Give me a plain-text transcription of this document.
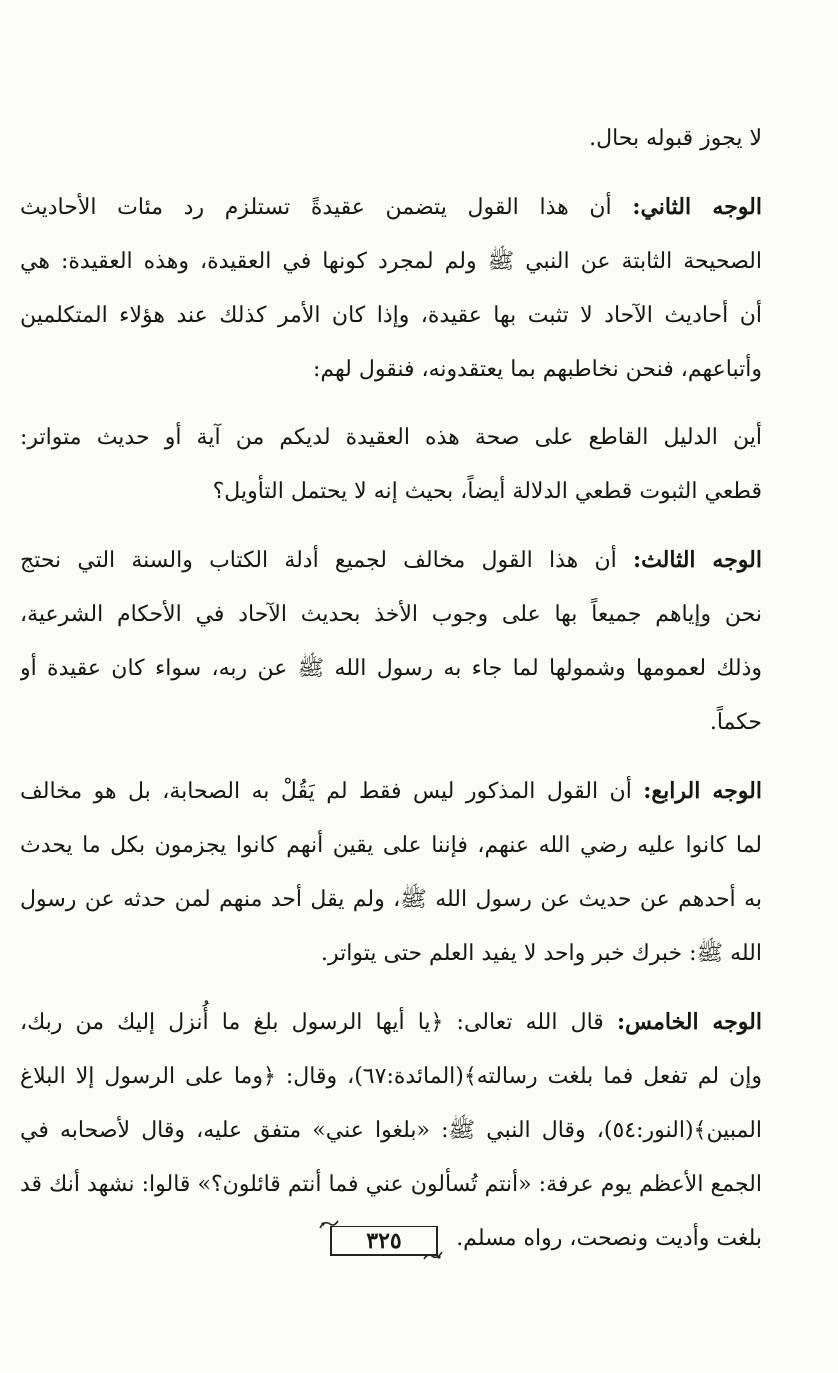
لا يجوز قبوله بحال.

الوجه الثاني: أن هذا القول يتضمن عقيدةً تستلزم رد مئات الأحاديث
الصحيحة الثابتة عن النبي ﷺ ولم لمجرد كونها في العقيدة، وهذه العقيدة: هي
أن أحاديث الآحاد لا تثبت بها عقيدة، وإذا كان الأمر كذلك عند هؤلاء المتكلمين
وأتباعهم، فنحن نخاطبهم بما يعتقدونه، فنقول لهم:

أين الدليل القاطع على صحة هذه العقيدة لديكم من آية أو حديث متواتر:
قطعي الثبوت قطعي الدلالة أيضاً، بحيث إنه لا يحتمل التأويل؟

الوجه الثالث: أن هذا القول مخالف لجميع أدلة الكتاب والسنة التي نحتج
نحن وإياهم جميعاً بها على وجوب الأخذ بحديث الآحاد في الأحكام الشرعية،
وذلك لعمومها وشمولها لما جاء به رسول الله ﷺ عن ربه، سواء كان عقيدة أو
حكماً.

الوجه الرابع: أن القول المذكور ليس فقط لم يَقُلْ به الصحابة، بل هو مخالف
لما كانوا عليه رضي الله عنهم، فإننا على يقين أنهم كانوا يجزمون بكل ما يحدث
به أحدهم عن حديث عن رسول الله ﷺ، ولم يقل أحد منهم لمن حدثه عن رسول
الله ﷺ: خبرك خبر واحد لا يفيد العلم حتى يتواتر.

الوجه الخامس: قال الله تعالى: ﴿يا أيها الرسول بلغ ما أُنزل إليك من ربك،
وإن لم تفعل فما بلغت رسالته﴾(المائدة:٦٧)، وقال: ﴿وما على الرسول إلا البلاغ
المبين﴾(النور:٥٤)، وقال النبي ﷺ: «بلغوا عني» متفق عليه، وقال لأصحابه في
الجمع الأعظم يوم عرفة: «أنتم تُسألون عني فما أنتم قائلون؟» قالوا: نشهد أنك قد
بلغت وأديت ونصحت، رواه مسلم.

٣٢٥
